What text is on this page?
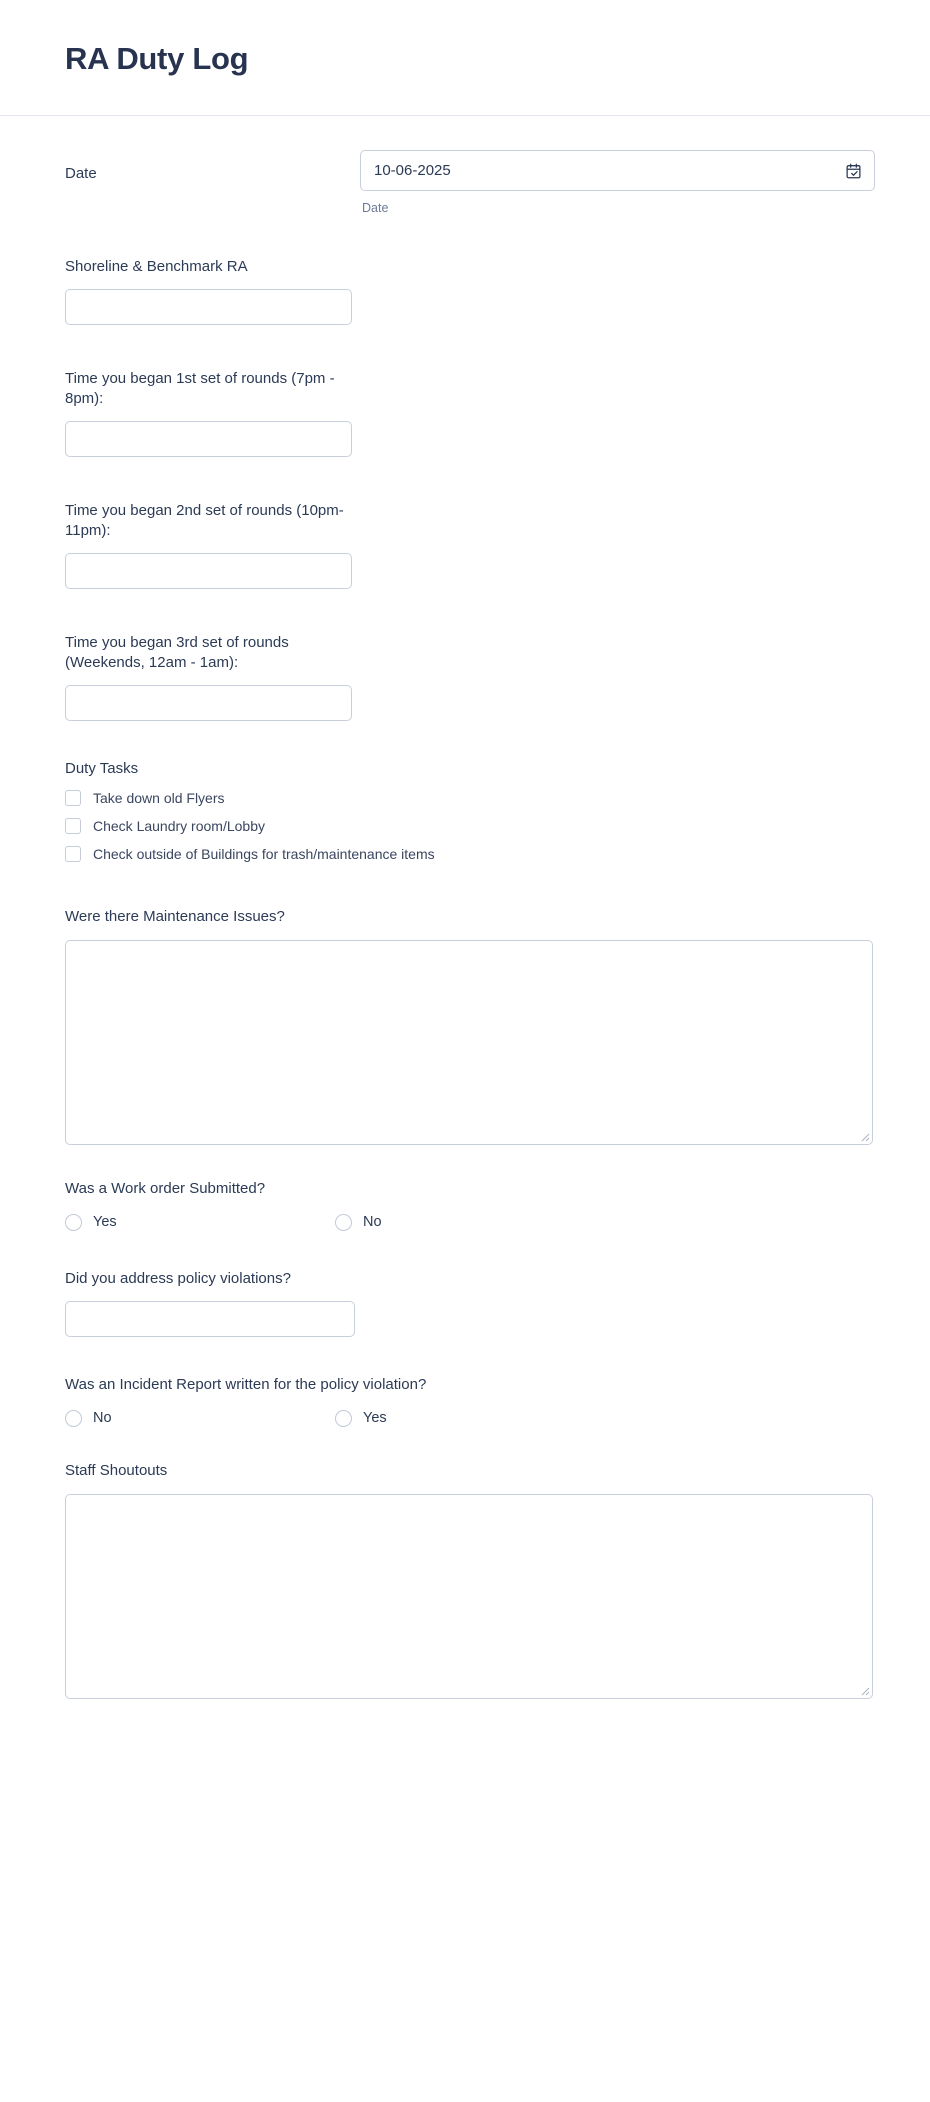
RA Duty Log
Date
10-06-2025
Date
Shoreline & Benchmark RA
Time you began 1st set of rounds (7pm - 8pm):
Time you began 2nd set of rounds (10pm-11pm):
Time you began 3rd set of rounds (Weekends, 12am - 1am):
Duty Tasks
Take down old Flyers
Check Laundry room/Lobby
Check outside of Buildings for trash/maintenance items
Were there Maintenance Issues?
Was a Work order Submitted?
Yes	No
Did you address policy violations?
Was an Incident Report written for the policy violation?
No	Yes
Staff Shoutouts
